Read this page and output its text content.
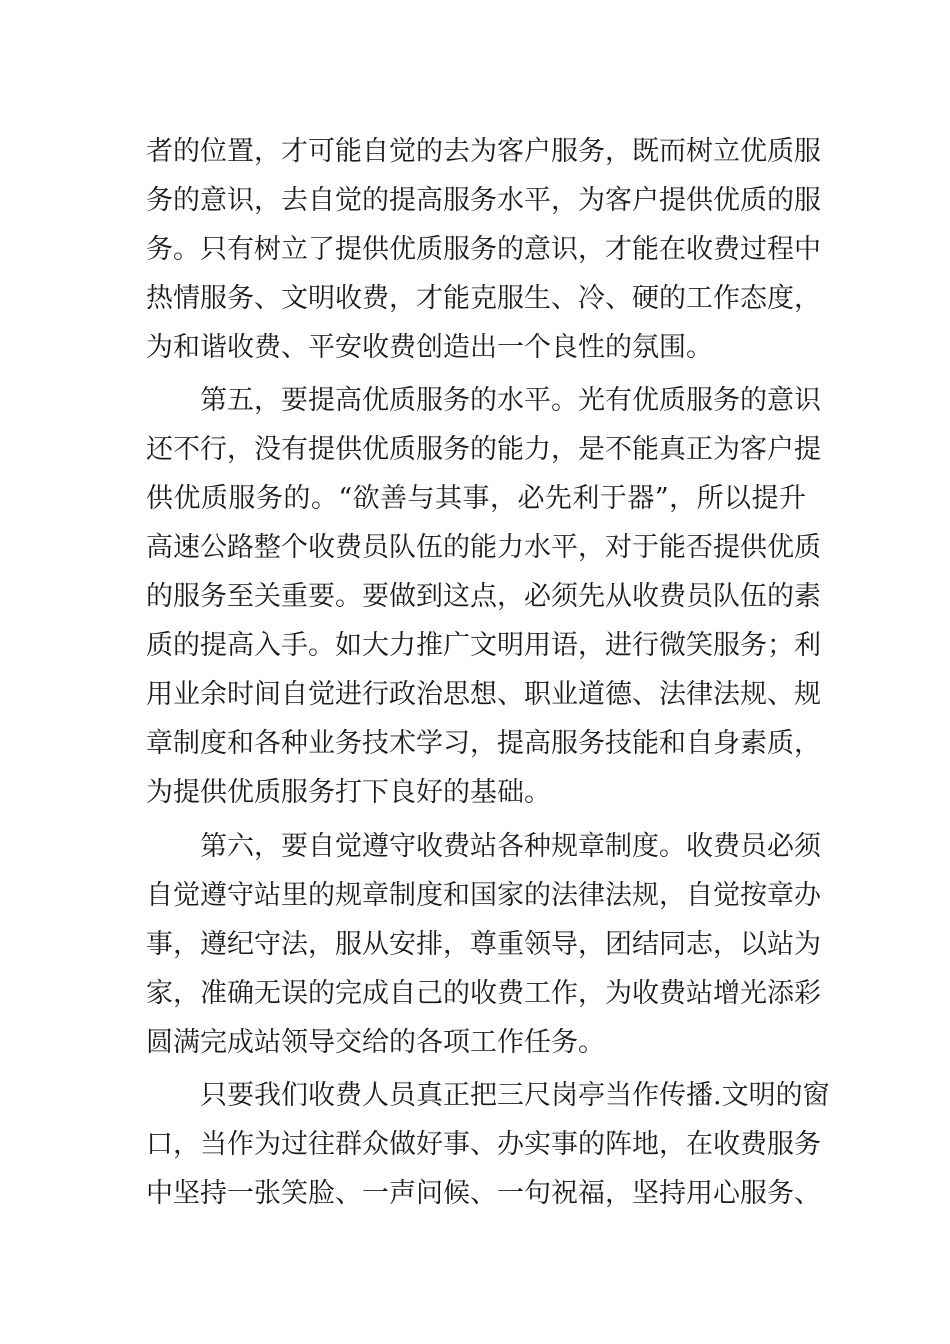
者的位置，才可能自觉的去为客户服务，既而树立优质服
务的意识，去自觉的提高服务水平，为客户提供优质的服
务。只有树立了提供优质服务的意识，才能在收费过程中
热情服务、文明收费，才能克服生、冷、硬的工作态度，
为和谐收费、平安收费创造出一个良性的氛围。
第五，要提高优质服务的水平。光有优质服务的意识
还不行，没有提供优质服务的能力，是不能真正为客户提
供优质服务的。“欲善与其事，必先利于器”，所以提升
高速公路整个收费员队伍的能力水平，对于能否提供优质
的服务至关重要。要做到这点，必须先从收费员队伍的素
质的提高入手。如大力推广文明用语，进行微笑服务；利
用业余时间自觉进行政治思想、职业道德、法律法规、规
章制度和各种业务技术学习，提高服务技能和自身素质，
为提供优质服务打下良好的基础。
第六，要自觉遵守收费站各种规章制度。收费员必须
自觉遵守站里的规章制度和国家的法律法规，自觉按章办
事，遵纪守法，服从安排，尊重领导，团结同志，以站为
家，准确无误的完成自己的收费工作，为收费站增光添彩
圆满完成站领导交给的各项工作任务。
只要我们收费人员真正把三尺岗亭当作传播.文明的窗
口，当作为过往群众做好事、办实事的阵地，在收费服务
中坚持一张笑脸、一声问候、一句祝福，坚持用心服务、
